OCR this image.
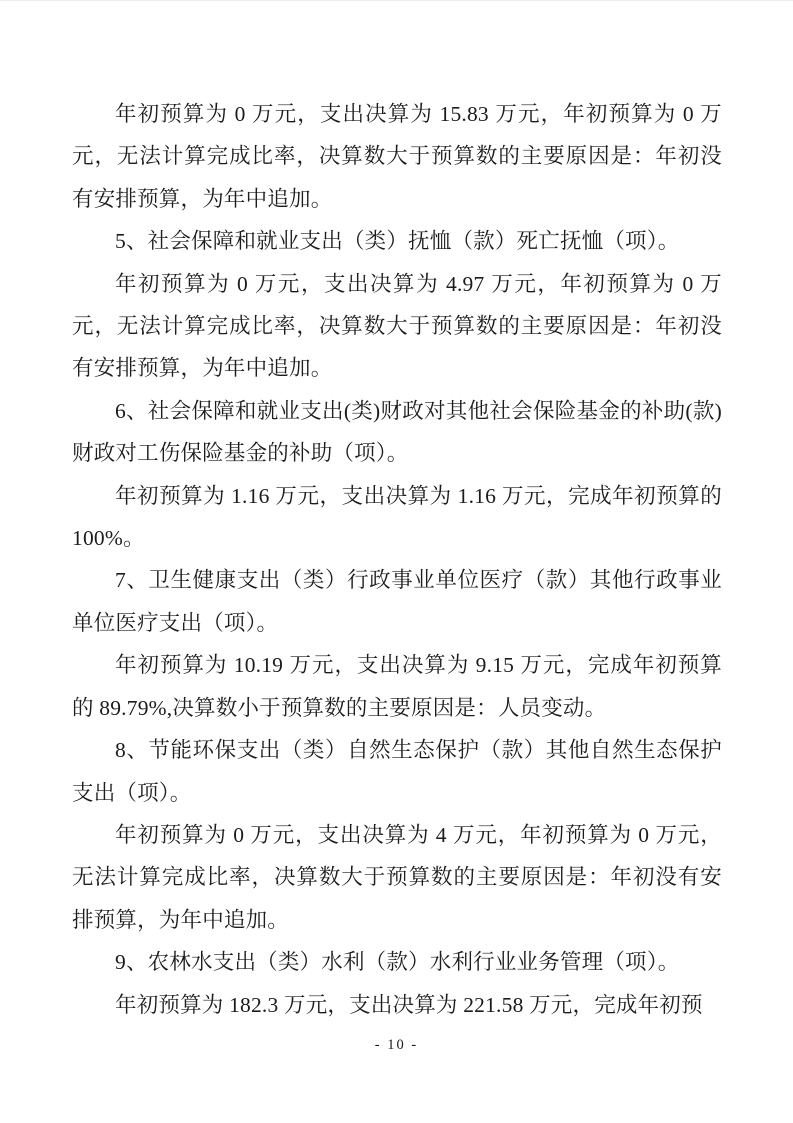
年初预算为 0 万元，支出决算为 15.83 万元，年初预算为 0 万元，无法计算完成比率，决算数大于预算数的主要原因是：年初没有安排预算，为年中追加。

5、社会保障和就业支出（类）抚恤（款）死亡抚恤（项）。

年初预算为 0 万元，支出决算为 4.97 万元，年初预算为 0 万元，无法计算完成比率，决算数大于预算数的主要原因是：年初没有安排预算，为年中追加。

6、社会保障和就业支出(类)财政对其他社会保险基金的补助(款)财政对工伤保险基金的补助（项）。

年初预算为 1.16 万元，支出决算为 1.16 万元，完成年初预算的 100%。

7、卫生健康支出（类）行政事业单位医疗（款）其他行政事业单位医疗支出（项）。

年初预算为 10.19 万元，支出决算为 9.15 万元，完成年初预算的 89.79%,决算数小于预算数的主要原因是：人员变动。

8、节能环保支出（类）自然生态保护（款）其他自然生态保护支出（项）。

年初预算为 0 万元，支出决算为 4 万元，年初预算为 0 万元，无法计算完成比率，决算数大于预算数的主要原因是：年初没有安排预算，为年中追加。

9、农林水支出（类）水利（款）水利行业业务管理（项）。

年初预算为 182.3 万元，支出决算为 221.58 万元，完成年初预

- 10 -
